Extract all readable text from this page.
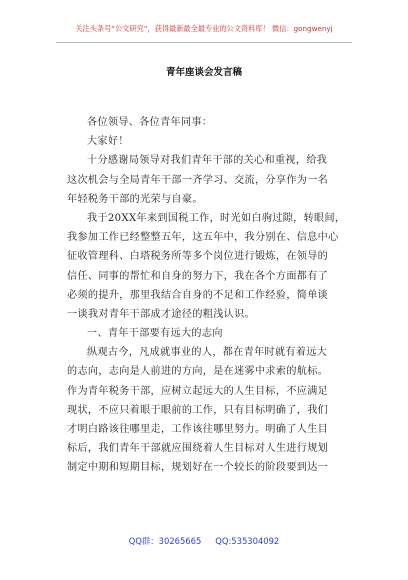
关注头条号“公文研究”，获得最新最全最专业的公文资料库！ 微信：gongwenyj
青年座谈会发言稿
各位领导、各位青年同事：
大家好！
十分感谢局领导对我们青年干部的关心和重视，给我
这次机会与全局青年干部一齐学习、交流，分享作为一名
年轻税务干部的光荣与自豪。
我于20XX年来到国税工作，时光如白驹过隙，转眼间，
我参加工作已经整整五年，这五年中，我分别在、信息中心
征收管理科、白塔税务所等多个岗位进行锻炼，在领导的
信任、同事的帮忙和自身的努力下，我在各个方面都有了
必须的提升，那里我结合自身的不足和工作经验，简单谈
一谈我对青年干部成才途径的粗浅认识。
一、青年干部要有远大的志向
纵观古今，凡成就事业的人，都在青年时就有着远大
的志向，志向是人前进的方向，是在迷雾中求索的航标。
作为青年税务干部，应树立起远大的人生目标，不应满足
现状，不应只着眼于眼前的工作，只有目标明确了，我们
才明白路该往哪里走，工作该往哪里努力。明确了人生目
标后，我们青年干部就应围绕着人生目标对人生进行规划
制定中期和短期目标，规划好在一个较长的阶段要到达一
QQ群：30265665 QQ:535304092
